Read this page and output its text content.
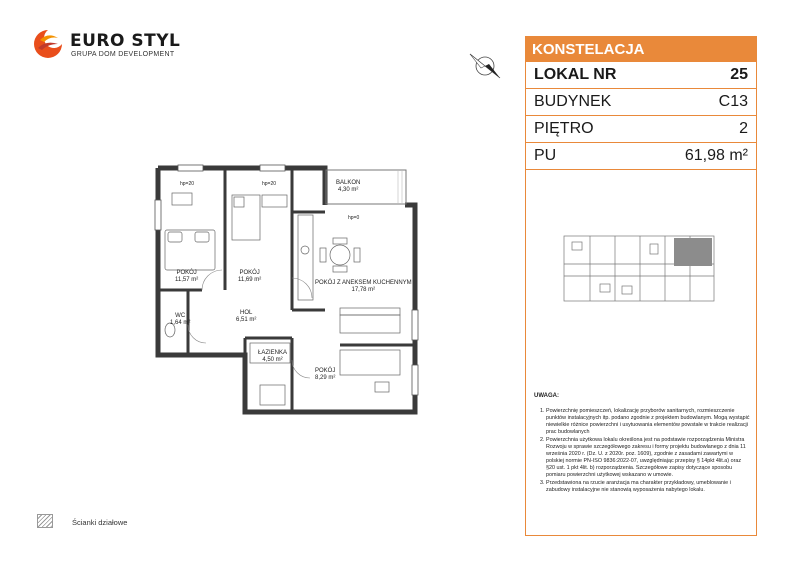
EURO STYL
GRUPA DOM DEVELOPMENT
hp=20	hp=20
hp=0
BALKON
4,30 m²
POKÓJ
11,57 m²
POKÓJ
11,69 m²	POKÓJ Z ANEKSEM KUCHENNYM
17,78 m²
WC
1,64 m²
HOL
6,51 m²
ŁAZIENKA
4,50 m²
POKÓJ
8,29 m²
KONSTELACJA
LOKAL NR	25
BUDYNEK	C13
PIĘTRO	2
PU	61,98 m²
UWAGA:
1. Powierzchnię pomieszczeń, lokalizację przyborów sanitarnych, rozmieszczenie punktów instalacyjnych itp. podano zgodnie z projektem budowlanym. Mogą wystąpić niewielkie różnice powierzchni i usytuowania elementów powstałe w trakcie realizacji prac budowlanych
2. Powierzchnia użytkowa lokalu określona jest na podstawie rozporządzenia Ministra Rozwoju w sprawie szczegółowego zakresu i formy projektu budowlanego z dnia 11 września 2020 r. (Dz. U. z 2020r. poz. 1609), zgodnie z zasadami zawartymi w polskiej normie PN-ISO 9836:2022-07, uwzględniając przepisy § 14pkt 4lit.a) oraz §20 ust. 1 pkt 4lit. b) rozporządzenia. Szczegółowe zapisy dotyczące sposobu pomiaru powierzchni użytkowej wskazano w umowie.
3. Przedstawiona na rzucie aranżacja ma charakter przykładowy, umeblowanie i zabudowy instalacyjne nie stanowią wyposażenia nabytego lokalu.
Ścianki działowe
